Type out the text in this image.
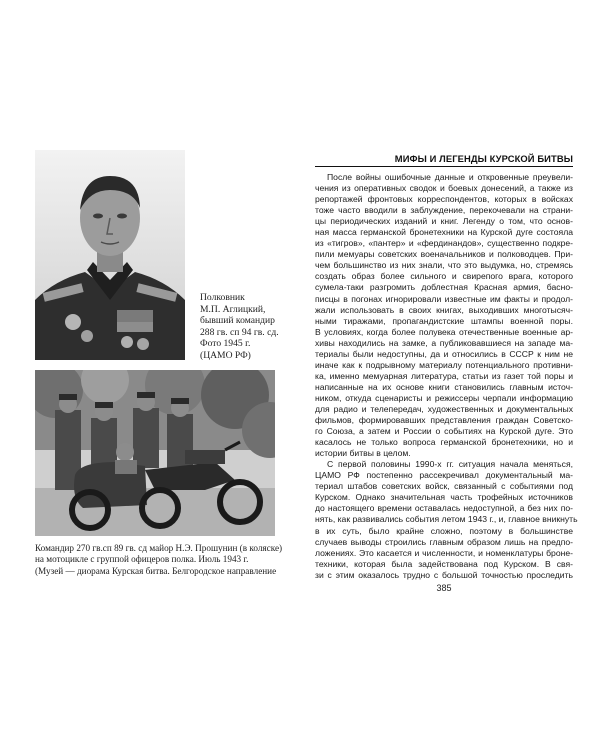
Полковник
М.П. Аглицкий,
бывший командир
288 гв. сп 94 гв. сд.
Фото 1945 г.
(ЦАМО РФ)
Командир 270 гв.сп 89 гв. сд майор Н.Э. Прошунин (в коляске)
на мотоцикле с группой офицеров полка. Июль 1943 г.
(Музей — диорама Курская битва. Белгородское направление
МИФЫ И ЛЕГЕНДЫ КУРСКОЙ БИТВЫ
После войны ошибочные данные и откровенные преувели-
чения из оперативных сводок и боевых донесений, а также из
репортажей фронтовых корреспондентов, которых в войсках
тоже часто вводили в заблуждение, перекочевали на страни-
цы периодических изданий и книг. Легенду о том, что основ-
ная масса германской бронетехники на Курской дуге состояла
из «тигров», «пантер» и «фердинандов», существенно подкре-
пили мемуары советских военачальников и полководцев. При-
чем большинство из них знали, что это выдумка, но, стремясь
создать образ более сильного и свирепого врага, которого
сумела-таки разгромить доблестная Красная армия, басно-
писцы в погонах игнорировали известные им факты и продол-
жали использовать в своих книгах, выходивших многотысяч-
ными тиражами, пропагандистские штампы военной поры.
В условиях, когда более полувека отечественные военные ар-
хивы находились на замке, а публиковавшиеся на западе ма-
териалы были недоступны, да и относились в СССР к ним не
иначе как к подрывному материалу потенциального противни-
ка, именно мемуарная литература, статьи из газет той поры и
написанные на их основе книги становились главным источ-
ником, откуда сценаристы и режиссеры черпали информацию
для радио и телепередач, художественных и документальных
фильмов, формировавших представления граждан Советско-
го Союза, а затем и России о событиях на Курской дуге. Это
касалось не только вопроса германской бронетехники, но и
истории битвы в целом.
С первой половины 1990-х гг. ситуация начала меняться,
ЦАМО РФ постепенно рассекречивал документальный ма-
териал штабов советских войск, связанный с событиями под
Курском. Однако значительная часть трофейных источников
до настоящего времени оставалась недоступной, а без них по-
нять, как развивались события летом 1943 г., и, главное вникнуть
в их суть, было крайне сложно, поэтому в большинстве
случаев выводы строились главным образом лишь на предпо-
ложениях. Это касается и численности, и номенклатуры броне-
техники, которая была задействована под Курском. В свя-
зи с этим оказалось трудно с большой точностью проследить
385
